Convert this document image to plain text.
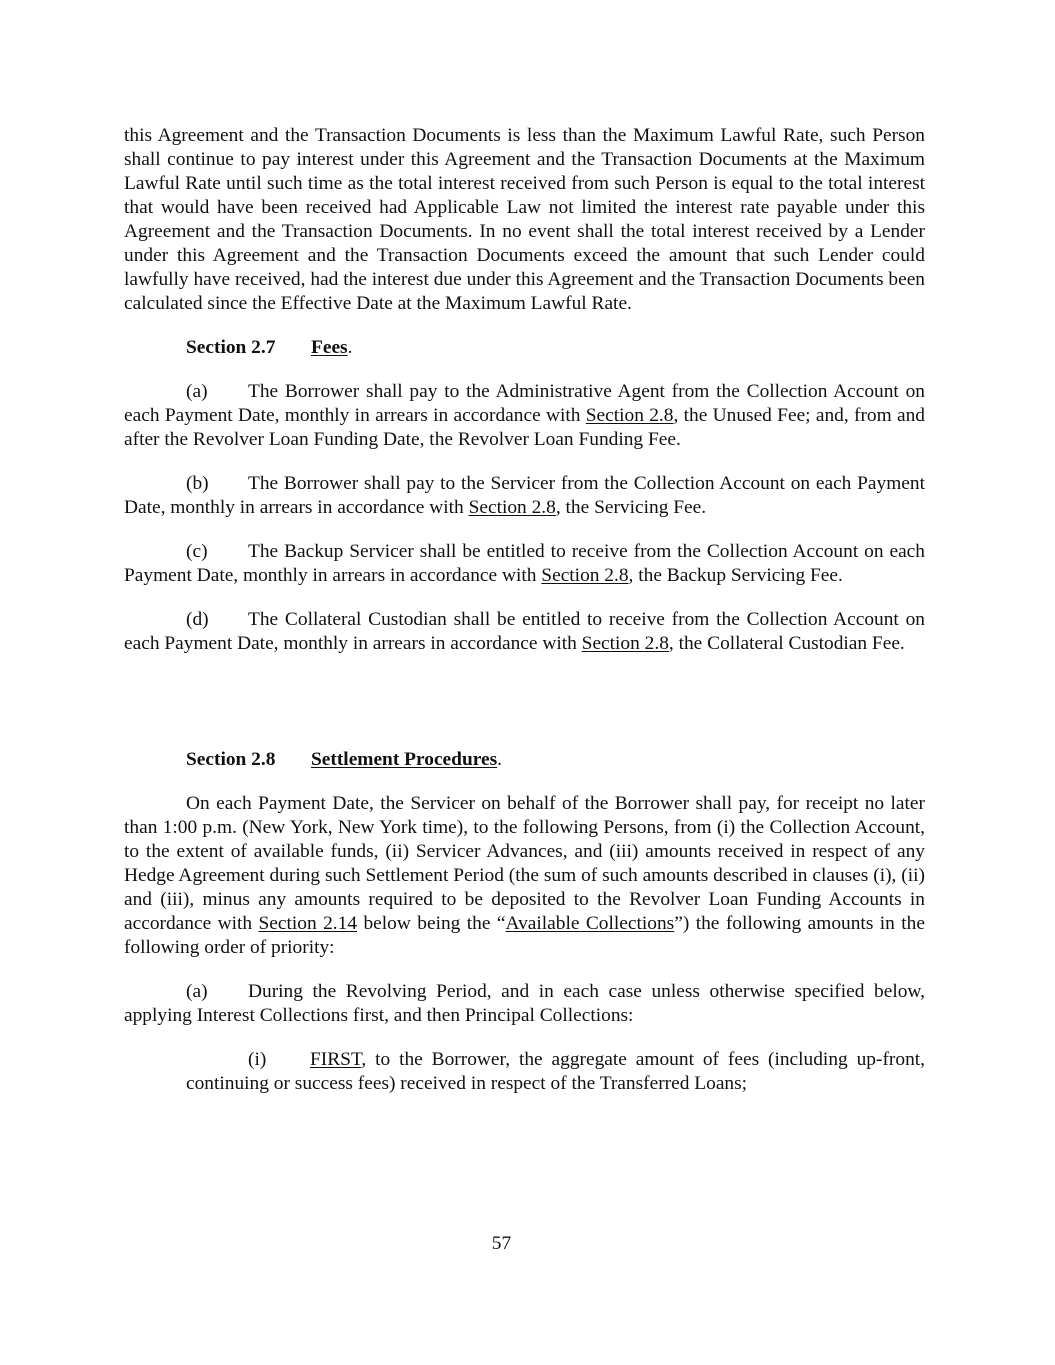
this Agreement and the Transaction Documents is less than the Maximum Lawful Rate, such Person shall continue to pay interest under this Agreement and the Transaction Documents at the Maximum Lawful Rate until such time as the total interest received from such Person is equal to the total interest that would have been received had Applicable Law not limited the interest rate payable under this Agreement and the Transaction Documents. In no event shall the total interest received by a Lender under this Agreement and the Transaction Documents exceed the amount that such Lender could lawfully have received, had the interest due under this Agreement and the Transaction Documents been calculated since the Effective Date at the Maximum Lawful Rate.

Section 2.7 Fees.

(a) The Borrower shall pay to the Administrative Agent from the Collection Account on each Payment Date, monthly in arrears in accordance with Section 2.8, the Unused Fee; and, from and after the Revolver Loan Funding Date, the Revolver Loan Funding Fee.

(b) The Borrower shall pay to the Servicer from the Collection Account on each Payment Date, monthly in arrears in accordance with Section 2.8, the Servicing Fee.

(c) The Backup Servicer shall be entitled to receive from the Collection Account on each Payment Date, monthly in arrears in accordance with Section 2.8, the Backup Servicing Fee.

(d) The Collateral Custodian shall be entitled to receive from the Collection Account on each Payment Date, monthly in arrears in accordance with Section 2.8, the Collateral Custodian Fee.

Section 2.8 Settlement Procedures.

On each Payment Date, the Servicer on behalf of the Borrower shall pay, for receipt no later than 1:00 p.m. (New York, New York time), to the following Persons, from (i) the Collection Account, to the extent of available funds, (ii) Servicer Advances, and (iii) amounts received in respect of any Hedge Agreement during such Settlement Period (the sum of such amounts described in clauses (i), (ii) and (iii), minus any amounts required to be deposited to the Revolver Loan Funding Accounts in accordance with Section 2.14 below being the “Available Collections”) the following amounts in the following order of priority:

(a) During the Revolving Period, and in each case unless otherwise specified below, applying Interest Collections first, and then Principal Collections:

(i) FIRST, to the Borrower, the aggregate amount of fees (including up-front, continuing or success fees) received in respect of the Transferred Loans;

57
